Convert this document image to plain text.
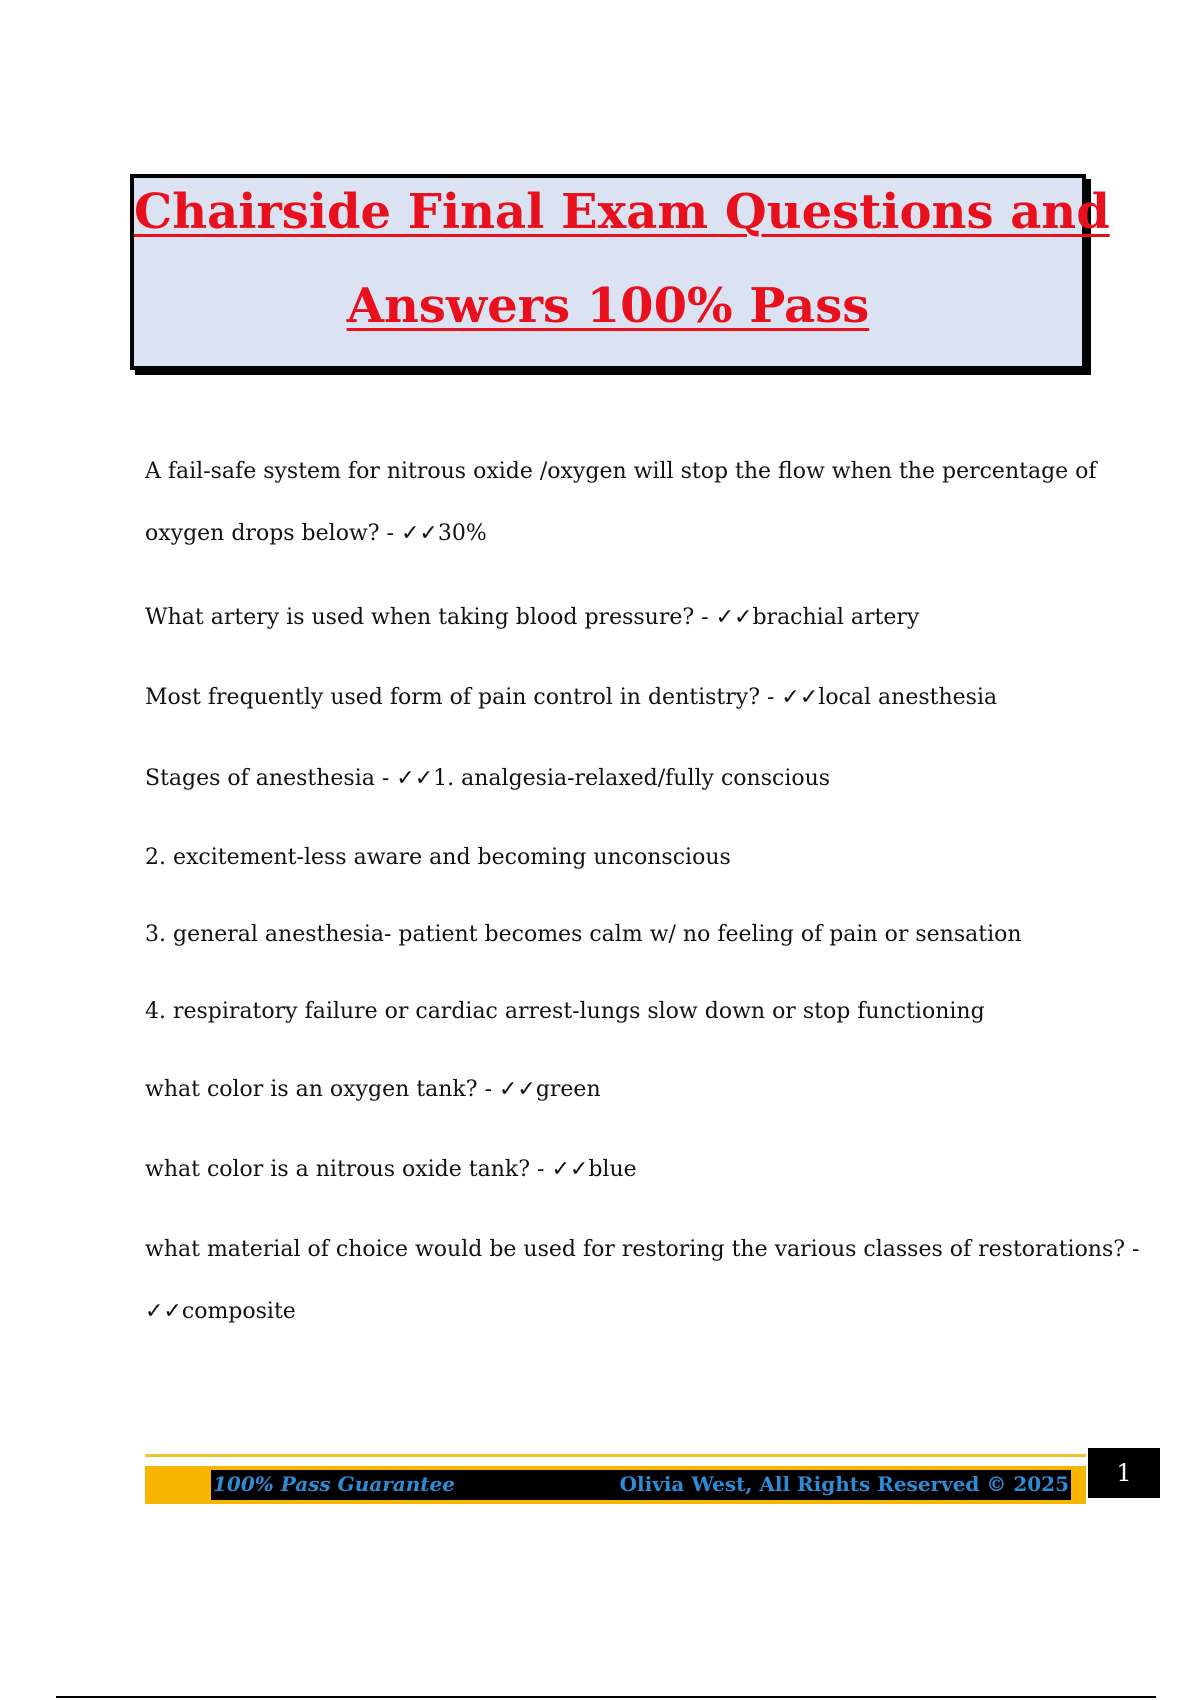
Chairside Final Exam Questions and
Answers 100% Pass
A fail-safe system for nitrous oxide /oxygen will stop the flow when the percentage of
oxygen drops below? - ✓✓30%
What artery is used when taking blood pressure? - ✓✓brachial artery
Most frequently used form of pain control in dentistry? - ✓✓local anesthesia
Stages of anesthesia - ✓✓1. analgesia-relaxed/fully conscious
2. excitement-less aware and becoming unconscious
3. general anesthesia- patient becomes calm w/ no feeling of pain or sensation
4. respiratory failure or cardiac arrest-lungs slow down or stop functioning
what color is an oxygen tank? - ✓✓green
what color is a nitrous oxide tank? - ✓✓blue
what material of choice would be used for restoring the various classes of restorations? -
✓✓composite
100% Pass Guarantee	Olivia West, All Rights Reserved © 2025	1
